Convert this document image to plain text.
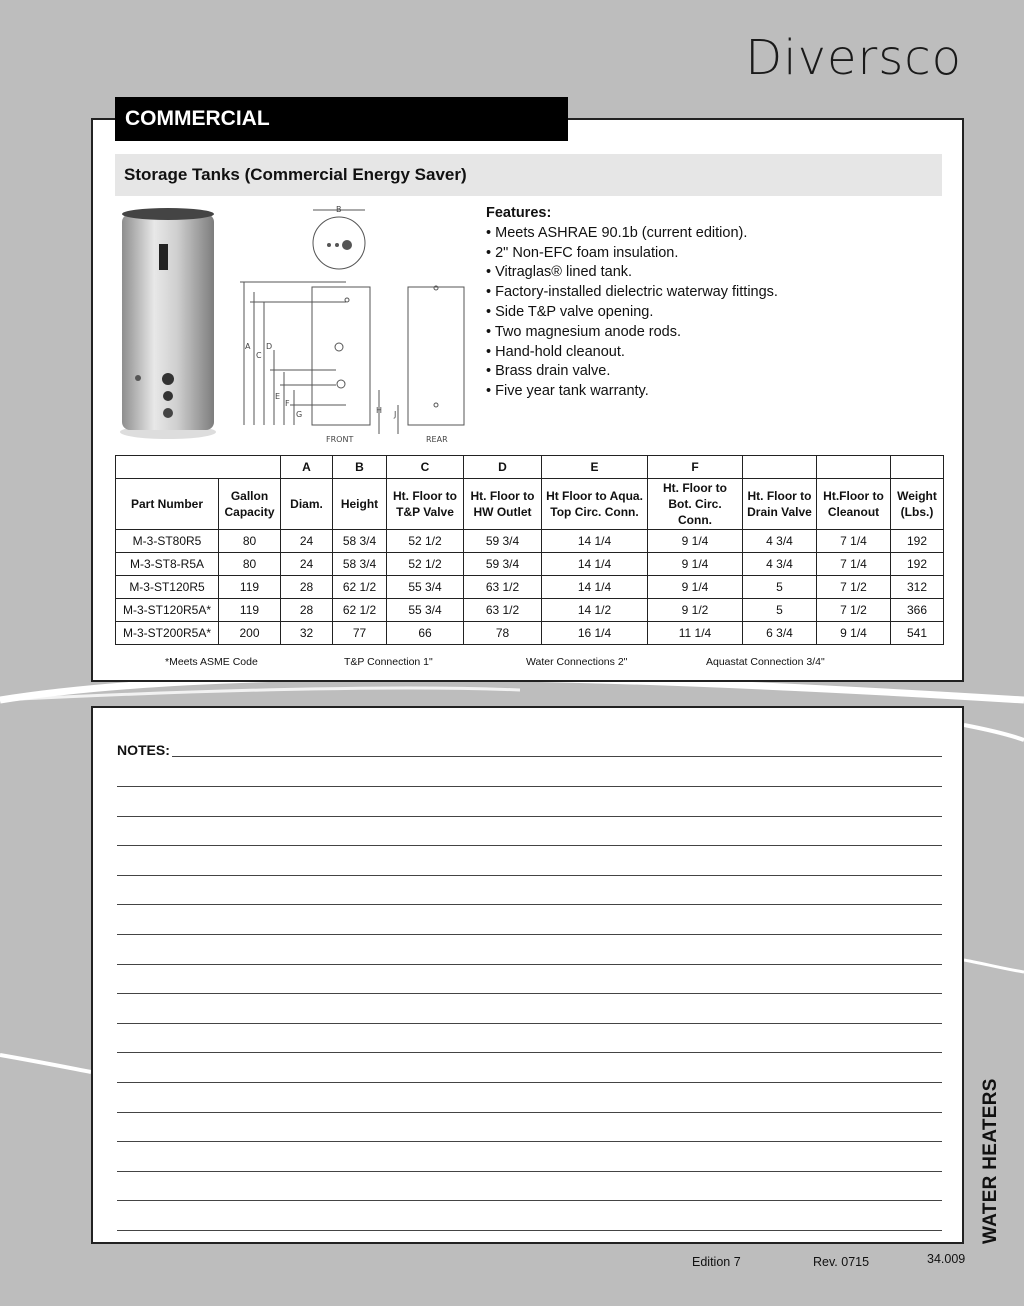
Diversco
COMMERCIAL
Storage Tanks (Commercial Energy Saver)
B
A
C
D
E
F
G	H J
FRONT	REAR
Features:
• Meets ASHRAE 90.1b (current edition).
• 2" Non-EFC foam insulation.
• Vitraglas® lined tank.
• Factory-installed dielectric waterway fittings.
• Side T&P valve opening.
• Two magnesium anode rods.
• Hand-hold cleanout.
• Brass drain valve.
• Five year tank warranty.
		A	B	C	D	E	F			
Part Number	Gallon Capacity	Diam.	Height	Ht. Floor to T&P Valve	Ht. Floor to HW Outlet	Ht Floor to Aqua. Top Circ. Conn.	Ht. Floor to Bot. Circ. Conn.	Ht. Floor to Drain Valve	Ht.Floor to Cleanout	Weight (Lbs.)
M-3-ST80R5	80	24	58 3/4	52 1/2	59 3/4	14 1/4	9 1/4	4 3/4	7 1/4	192
M-3-ST8-R5A	80	24	58 3/4	52 1/2	59 3/4	14 1/4	9 1/4	4 3/4	7 1/4	192
M-3-ST120R5	119	28	62 1/2	55 3/4	63 1/2	14 1/4	9 1/4	5	7 1/2	312
M-3-ST120R5A*	119	28	62 1/2	55 3/4	63 1/2	14 1/2	9 1/2	5	7 1/2	366
M-3-ST200R5A*	200	32	77	66	78	16 1/4	11 1/4	6 3/4	9 1/4	541
*Meets ASME Code	T&P Connection 1"	Water Connections 2"	Aquastat Connection 3/4"
NOTES:
WATER HEATERS
Edition 7	Rev. 0715	34.009
